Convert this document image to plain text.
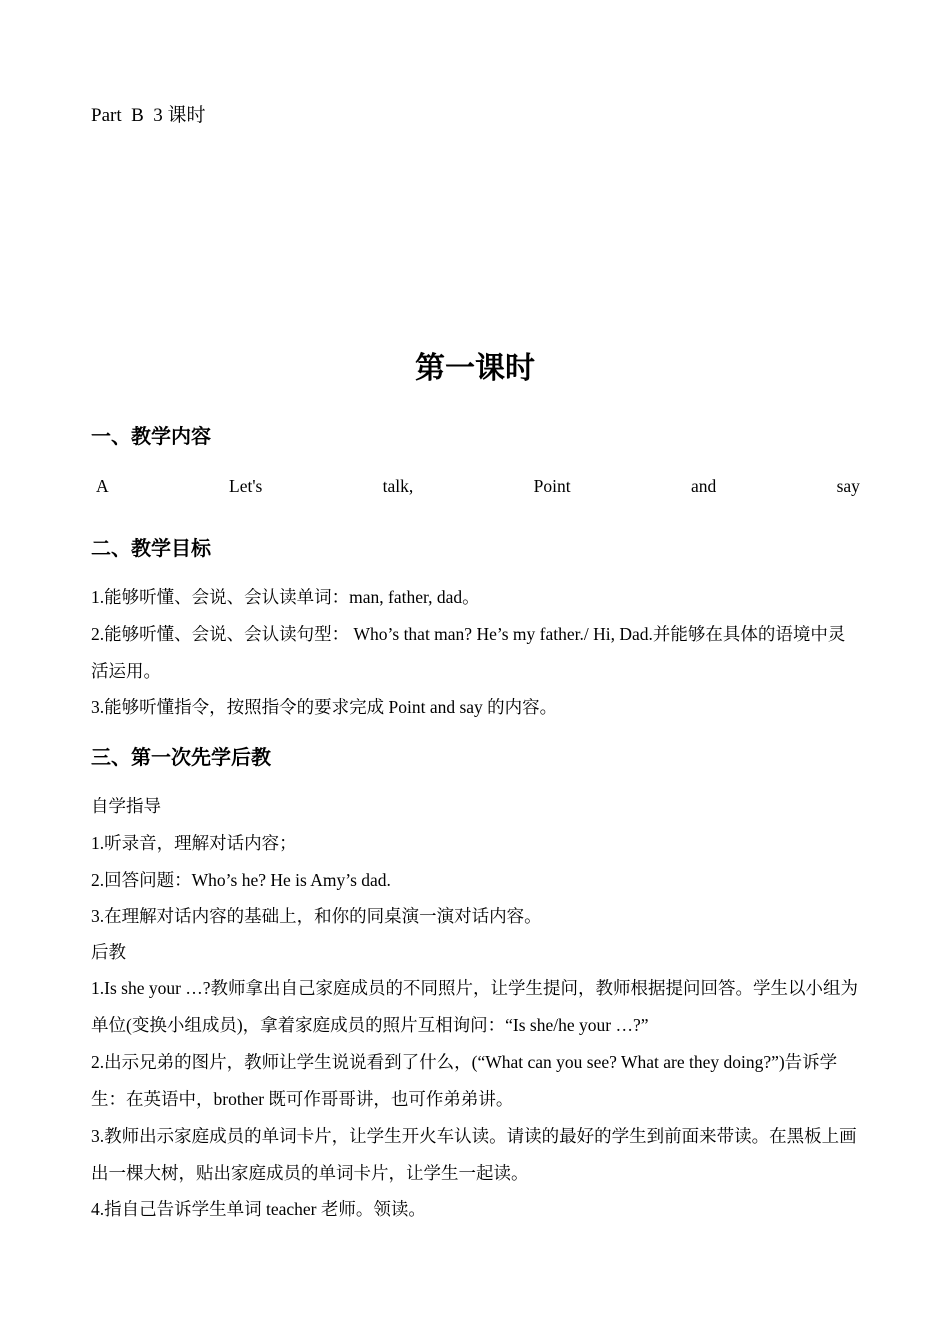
Part  B  3 课时
第一课时
一、教学内容
A	Let's	talk,	Point	and	say
二、教学目标
1.能够听懂、会说、会认读单词：man, father, dad。
2.能够听懂、会说、会认读句型： Who’s that man? He’s my father./ Hi, Dad.并能够在具体的语境中灵活运用。
3.能够听懂指令，按照指令的要求完成 Point and say 的内容。
三、第一次先学后教
自学指导
1.听录音，理解对话内容；
2.回答问题：Who’s he? He is Amy’s dad.
3.在理解对话内容的基础上，和你的同桌演一演对话内容。
后教
1.Is she your …?教师拿出自己家庭成员的不同照片，让学生提问，教师根据提问回答。学生以小组为单位(变换小组成员)，拿着家庭成员的照片互相询问：“Is she/he your …?”
2.出示兄弟的图片，教师让学生说说看到了什么，(“What can you see? What are they doing?”)告诉学生：在英语中，brother 既可作哥哥讲，也可作弟弟讲。
3.教师出示家庭成员的单词卡片，让学生开火车认读。请读的最好的学生到前面来带读。在黑板上画出一棵大树，贴出家庭成员的单词卡片，让学生一起读。
4.指自己告诉学生单词 teacher 老师。领读。
